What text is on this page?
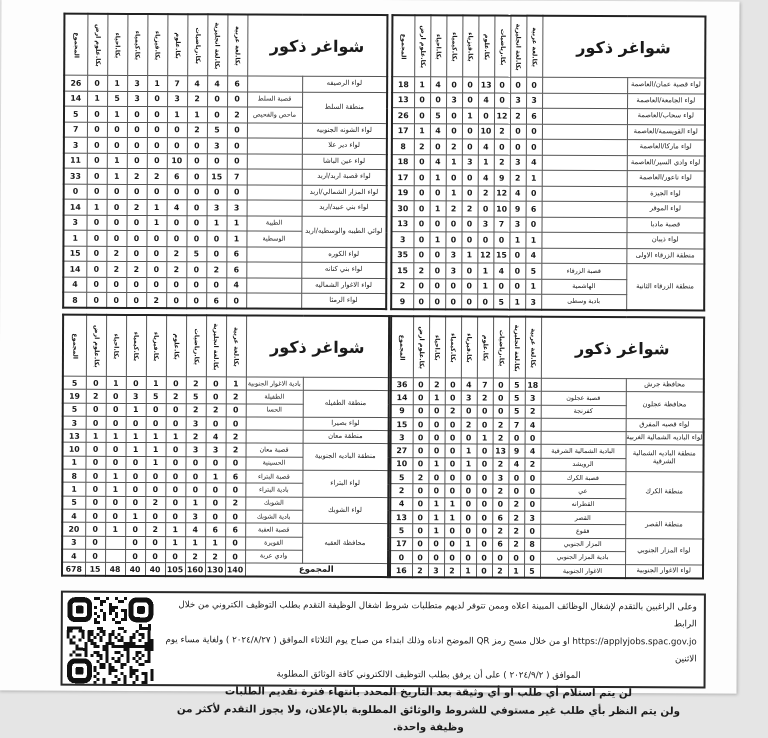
شواغر ذكور		بكا.لغة عربية	بكا.لغة انجليزية	بكا.رياضيات	بكا.علوم	بكا.فيزياء	بكا.كيمياء	بكا.احياء	بكا.علوم ارض	المجموع

لواء الرصيفه		6	4	4	7	1	3	1	0	26
منطقة السلط	قصبة السلط	0	0	2	3	0	3	5	1	14
	ماحص والفحيص	2	0	1	1	0	0	1	0	5
لواء الشونه الجنوبيه		0	5	2	0	0	0	0	0	7
لواء دير علا		0	3	0	0	0	0	0	0	3
لواء عين الباشا		0	0	0	10	0	0	1	0	11
لواء قصبة اربد/اربد		7	15	0	6	2	2	1	0	33
لواء المزار الشمالي/اربد		0	0	0	0	0	0	0	0	0
لواء بني عبيد/اربد		3	3	0	4	1	2	0	1	14
لوائي الطيبه والوسطيه/اربد	الطيبة	1	1	0	0	1	0	0	0	3
	الوسطية	1	0	0	0	0	0	0	0	1
لواء الكوره		6	0	5	2	0	0	2	0	15
لواء بني كنانه		6	2	0	2	0	2	2	0	14
لواء الاغوار الشماليه		4	0	0	0	0	0	0	0	4
لواء الرمثا		0	6	0	0	2	0	0	0	8
شواغر ذكور		بكا.لغة عربية	بكا.لغة انجليزية	بكا.رياضيات	بكا.علوم	بكا.فيزياء	بكا.كيمياء	بكا.احياء	بكا.علوم ارض	المجموع

لواء قصبة عمان/العاصمة		0	0	0	13	0	0	4	1	18
لواء الجامعة/العاصمة		3	3	0	4	0	3	0	0	13
لواء سحاب/العاصمة		6	2	12	0	1	0	5	0	26
لواء القويسمة/العاصمة		0	0	2	10	0	0	4	1	17
لواء ماركا/العاصمة		0	0	0	4	0	2	0	2	8
لواء وادي السير/العاصمة		4	3	2	1	3	1	4	0	18
لواء ناعور/العاصمة		1	2	9	4	0	0	1	0	17
لواء الجيزة		0	4	12	2	0	1	0	0	19
لواء الموقر		6	9	10	0	2	2	1	0	30
قصبة مادبا		0	3	7	3	0	0	0	0	13
لواء ذيبان		1	1	0	0	0	0	1	0	3
منطقة الزرقاء الاولى		4	0	15	12	1	3	0	0	35
منطقة الزرقاء الثانية	قصبة الزرقاء	5	0	4	1	0	3	0	2	15
	الهاشمية	1	0	0	1	0	0	0	0	2
	بادية وسطى	3	1	5	0	0	0	0	0	9
شواغر ذكور		بكا.لغة عربية	بكا.لغة انجليزية	بكا.رياضيات	بكا.علوم	بكا.فيزياء	بكا.كيمياء	بكا.احياء	بكا.علوم ارض	المجموع

	بادية الاغوار الجنوبية	1	0	2	0	1	0	1	0	5
منطقة الطفيله	الطفيلة	2	0	5	2	5	3	0	2	19
	الحسا	0	2	2	0	0	1	0	0	5
لواء بصيرا		0	0	3	0	0	0	0	0	3
منطقة معان		2	4	2	1	1	1	1	1	13
منطقة الباديه الجنوبية	قصبة معان	2	3	3	0	1	1	0	0	10
	الحسينية	0	0	0	0	1	0	0	0	1
لواء البتراء	قصبة البتراء	6	1	0	0	0	0	1	0	8
	بادية البتراء	0	0	0	0	0	0	1	0	1
لواء الشوبك	الشوبك	2	0	1	0	2	0	0	0	5
	بادية الشوبك	0	0	3	0	0	1	0	0	4
محافظة العقبه	قصبة العقبة	6	6	4	1	2	0	1	0	20
	القويرة	0	1	1	1	0	0		0	3
	وادي عربة	0	2	2	0	0	0		0	4
المجموع		140	130	160	105	40	40	48	15	678
شواغر ذكور		بكا.لغة عربية	بكا.لغة انجليزية	بكا.رياضيات	بكا.علوم	بكا.فيزياء	بكا.كيمياء	بكا.احياء	بكا.علوم ارض	المجموع

محافظة جرش		18	5	0	7	4	0	2	0	36
محافظة عجلون	قصبة عجلون	3	5	0	2	3	0	1	0	14
	كفرنجة	2	5	0	0	0	2	0	0	9
لواء قصبه المفرق		4	7	2	0	2	0	0	0	15
لواء الباديه الشمالية الغربية		0	0	2	1	0	0	0	0	3
منطقة الباديه الشمالية الشرقية	البادية الشمالية الشرقية	4	9	13	0	1	0	0	0	27
	الرويشد	2	4	2	0	1	0	1	0	10
منطقة الكرك	قصبة الكرك	0	0	3	0	0	0	0	2	5
	عي	0	0	2	0	0	0	0	0	2
	القطرانه	0	2	0	0	0	1	1	0	4
منطقة القصر	القصر	3	2	6	0	0	1	1	0	13
	فقوع	0	2	2	0	0	0	1	0	5
لواء المزار الجنوبي	المزار الجنوبي	8	2	6	0	1	0	0	0	17
	بادية المزار الجنوبي	0	0	0	0	0	0	0	0	0
لواء الاغوار الجنوبية	الاغوار الجنوبية	5	1	2	0	1	2	3	2	16

وعلى الراغبين بالتقدم لإشغال الوظائف المبينة اعلاه وممن تتوفر لديهم متطلبات شروط اشغال الوظيفة التقدم بطلب التوظيف الكتروني من خلال الرابط

https://applyjobs.spac.gov.jo او من خلال مسح رمز QR الموضح ادناه وذلك ابتداء من صباح يوم الثلاثاء الموافق ( ٢٠٢٤/٨/٢٧ ) ولغاية مساء يوم الاثنين

الموافق ( ٢٠٢٤/٩/٢ ) على أن يرفق بطلب التوظيف الالكتروني كافة الوثائق المطلوبة

لن يتم استلام أي طلب او أي وثيقة بعد التاريخ المحدد بانتهاء فترة تقديم الطلبات

ولن يتم النظر بأي طلب غير مستوفي للشروط والوثائق المطلوبة بالإعلان، ولا يجوز التقدم لأكثر من وظيفة واحدة.
